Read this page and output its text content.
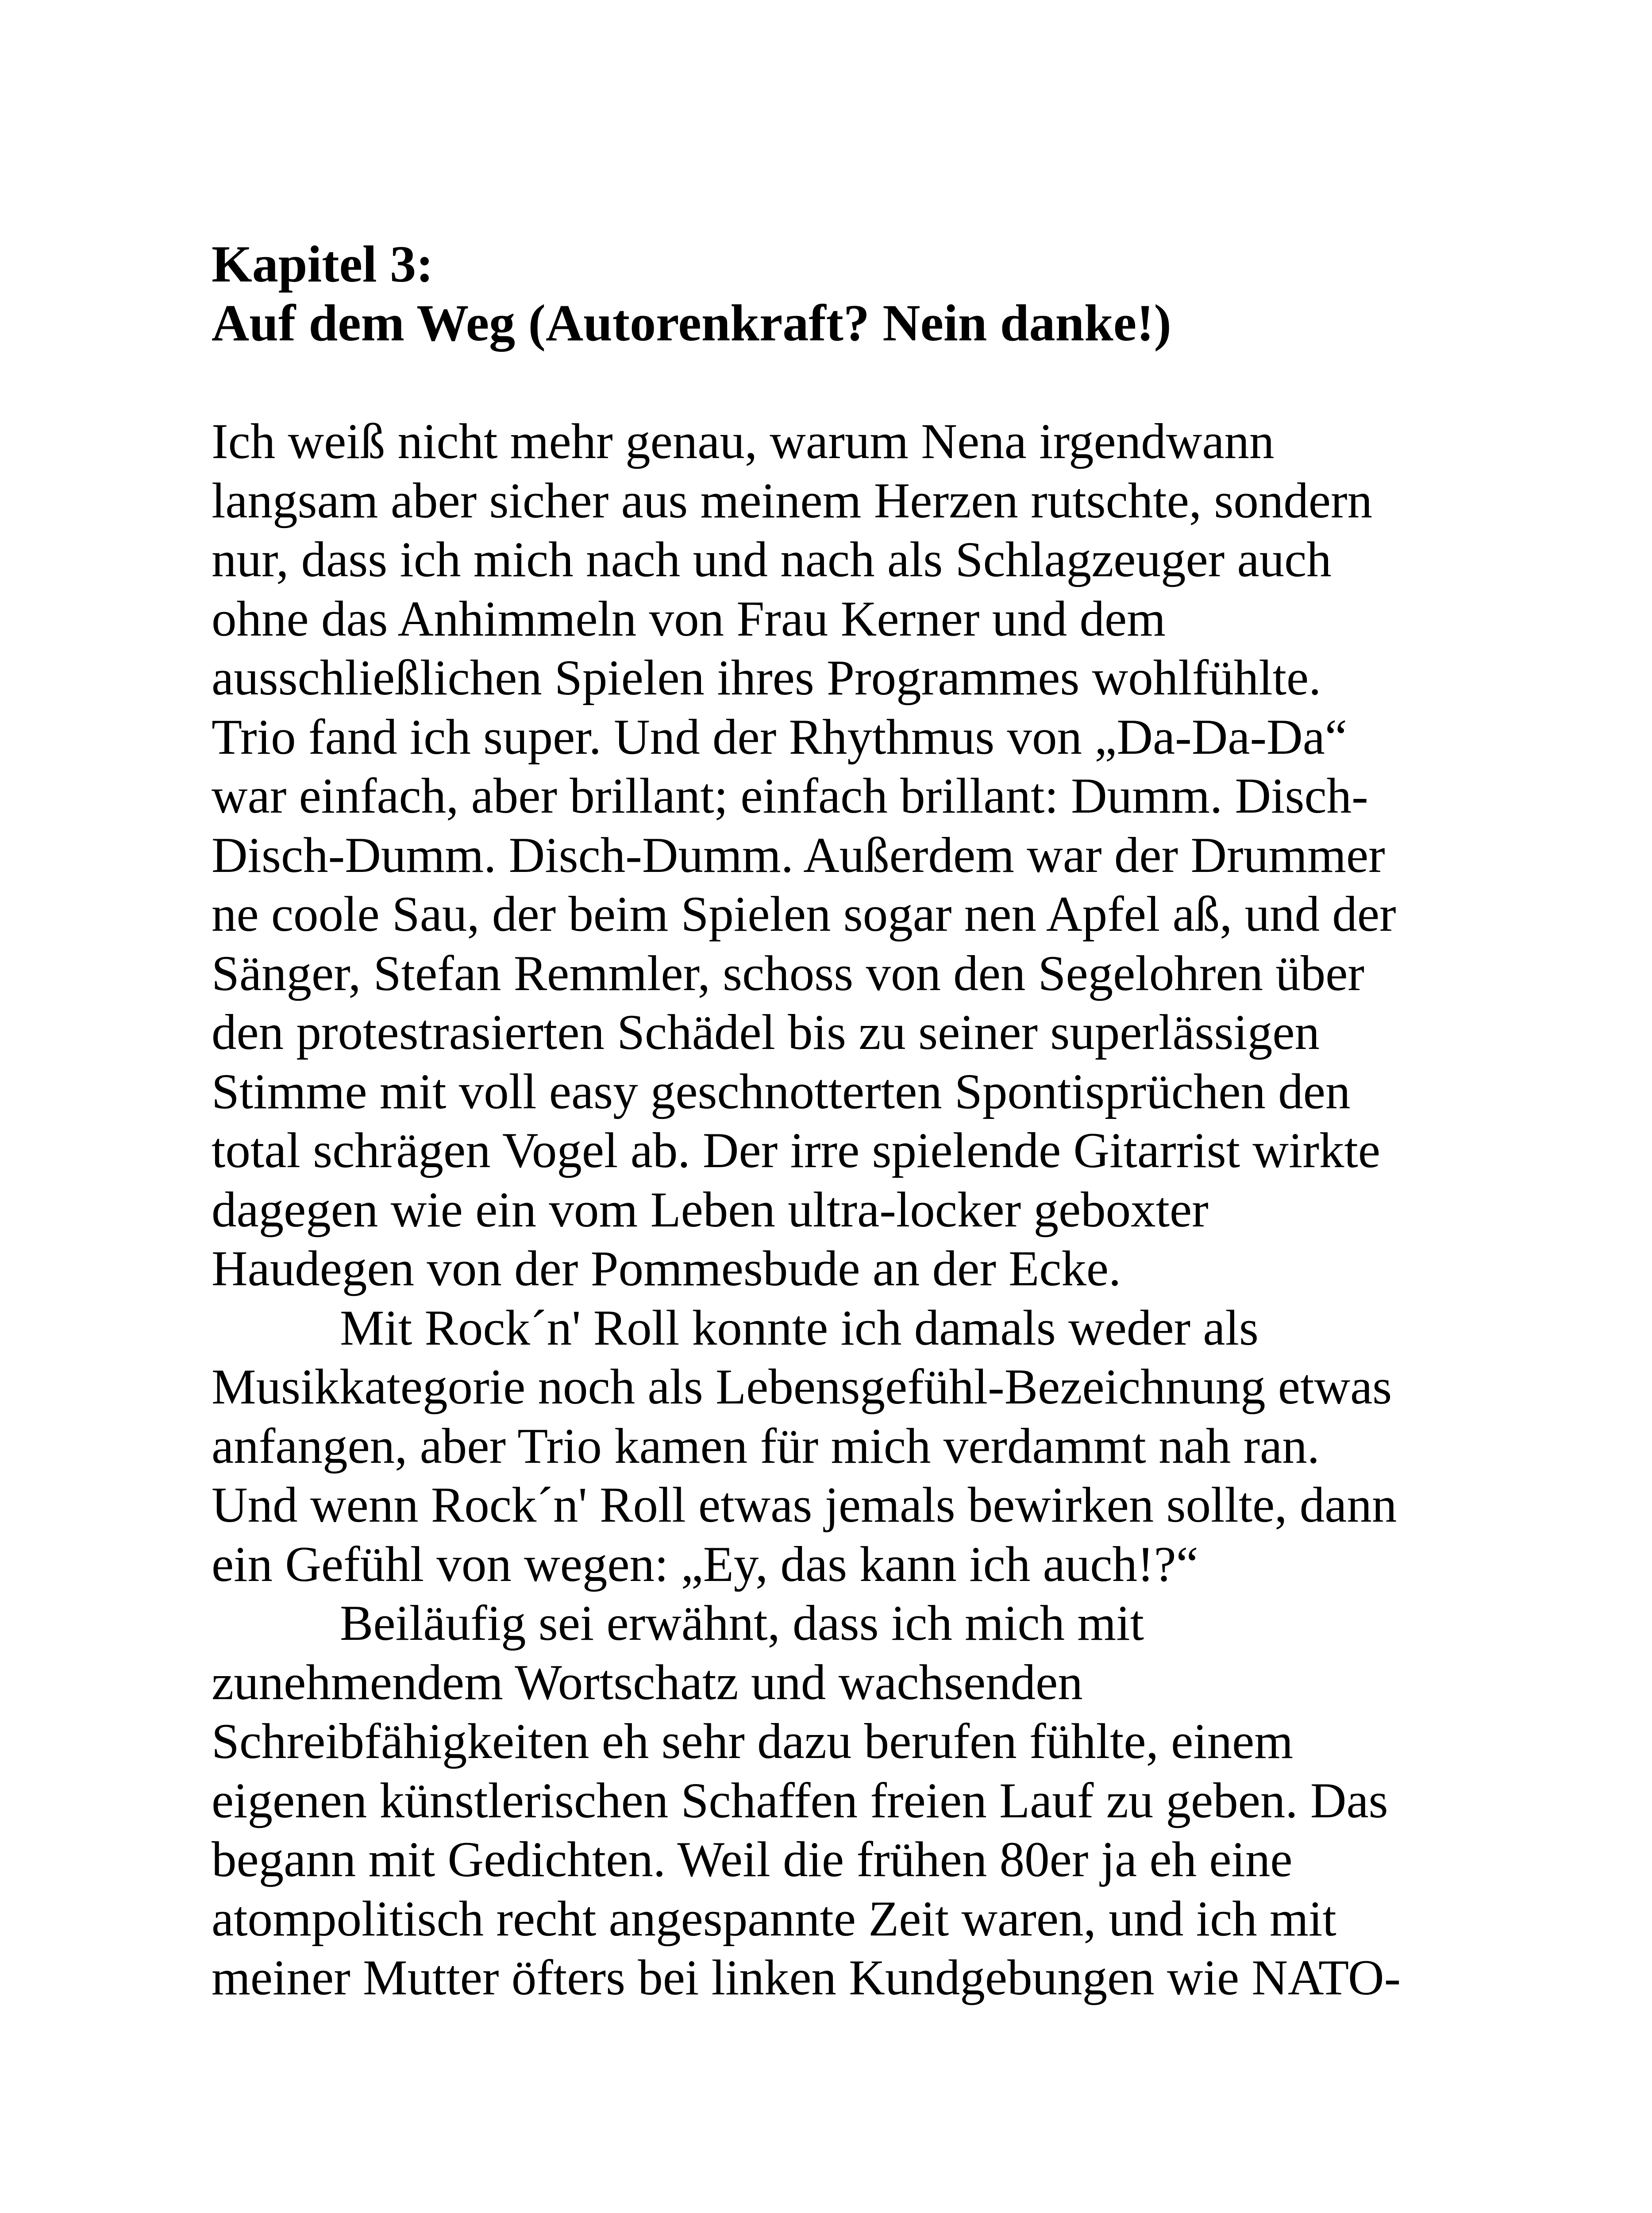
Kapitel 3:
Auf dem Weg (Autorenkraft? Nein danke!)
Ich weiß nicht mehr genau, warum Nena irgendwann
langsam aber sicher aus meinem Herzen rutschte, sondern
nur, dass ich mich nach und nach als Schlagzeuger auch
ohne das Anhimmeln von Frau Kerner und dem
ausschließlichen Spielen ihres Programmes wohlfühlte.
Trio fand ich super. Und der Rhythmus von „Da-Da-Da“
war einfach, aber brillant; einfach brillant: Dumm. Disch-
Disch-Dumm. Disch-Dumm. Außerdem war der Drummer
ne coole Sau, der beim Spielen sogar nen Apfel aß, und der
Sänger, Stefan Remmler, schoss von den Segelohren über
den protestrasierten Schädel bis zu seiner superlässigen
Stimme mit voll easy geschnotterten Spontisprüchen den
total schrägen Vogel ab. Der irre spielende Gitarrist wirkte
dagegen wie ein vom Leben ultra-locker geboxter
Haudegen von der Pommesbude an der Ecke.
Mit Rock´n' Roll konnte ich damals weder als
Musikkategorie noch als Lebensgefühl-Bezeichnung etwas
anfangen, aber Trio kamen für mich verdammt nah ran.
Und wenn Rock´n' Roll etwas jemals bewirken sollte, dann
ein Gefühl von wegen: „Ey, das kann ich auch!?“
Beiläufig sei erwähnt, dass ich mich mit
zunehmendem Wortschatz und wachsenden
Schreibfähigkeiten eh sehr dazu berufen fühlte, einem
eigenen künstlerischen Schaffen freien Lauf zu geben. Das
begann mit Gedichten. Weil die frühen 80er ja eh eine
atompolitisch recht angespannte Zeit waren, und ich mit
meiner Mutter öfters bei linken Kundgebungen wie NATO-
